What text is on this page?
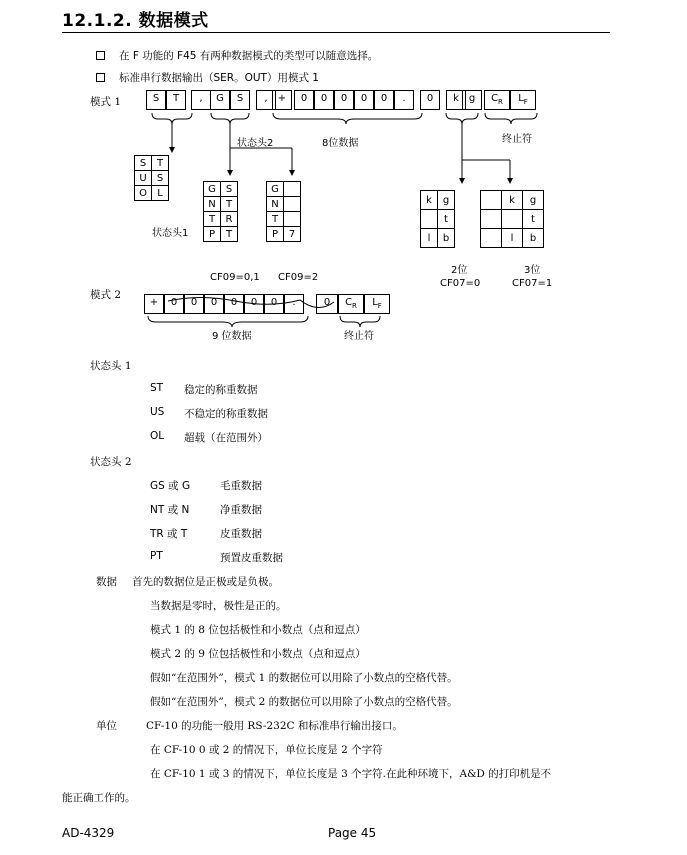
12.1.2. 数据模式
在 F 功能的 F45 有两种数据模式的类型可以随意选择。
标准串行数据输出（SER。OUT）用模式 1
模式 1	S	T	,	G	S	,	+	0	0	0	0	0	.	0	k g	$C_R$	$L_F$
状态头2	8位数据	终止符
S	T
U	S
O	L
状态头1
G	S
N	T
T	R
P	T
G	
N	
T	
P	7
k	g
	t
l	b
	k	g
		t
	l	b
2位	3位
CF07=0	CF07=1
CF09=0,1 CF09=2
模式 2
+	0	0	0	0	0	0	.	0	$C_R$	$L_F$
9 位数据	终止符
状态头 1
ST 稳定的称重数据
US 不稳定的称重数据
OL 超载（在范围外）
状态头 2
GS 或 G	毛重数据
NT 或 N	净重数据
TR 或 T	皮重数据
PT	预置皮重数据
数据 首先的数据位是正极或是负极。
当数据是零时，极性是正的。
模式 1 的 8 位包括极性和小数点（点和逗点）
模式 2 的 9 位包括极性和小数点（点和逗点）
假如“在范围外”，模式 1 的数据位可以用除了小数点的空格代替。
假如“在范围外”，模式 2 的数据位可以用除了小数点的空格代替。
单位	CF-10 的功能一般用 RS-232C 和标准串行输出接口。
在 CF-10 0 或 2 的情况下，单位长度是 2 个字符
在 CF-10 1 或 3 的情况下，单位长度是 3 个字符.在此种环境下，A&D 的打印机是不
能正确工作的。
AD-4329	Page 45
